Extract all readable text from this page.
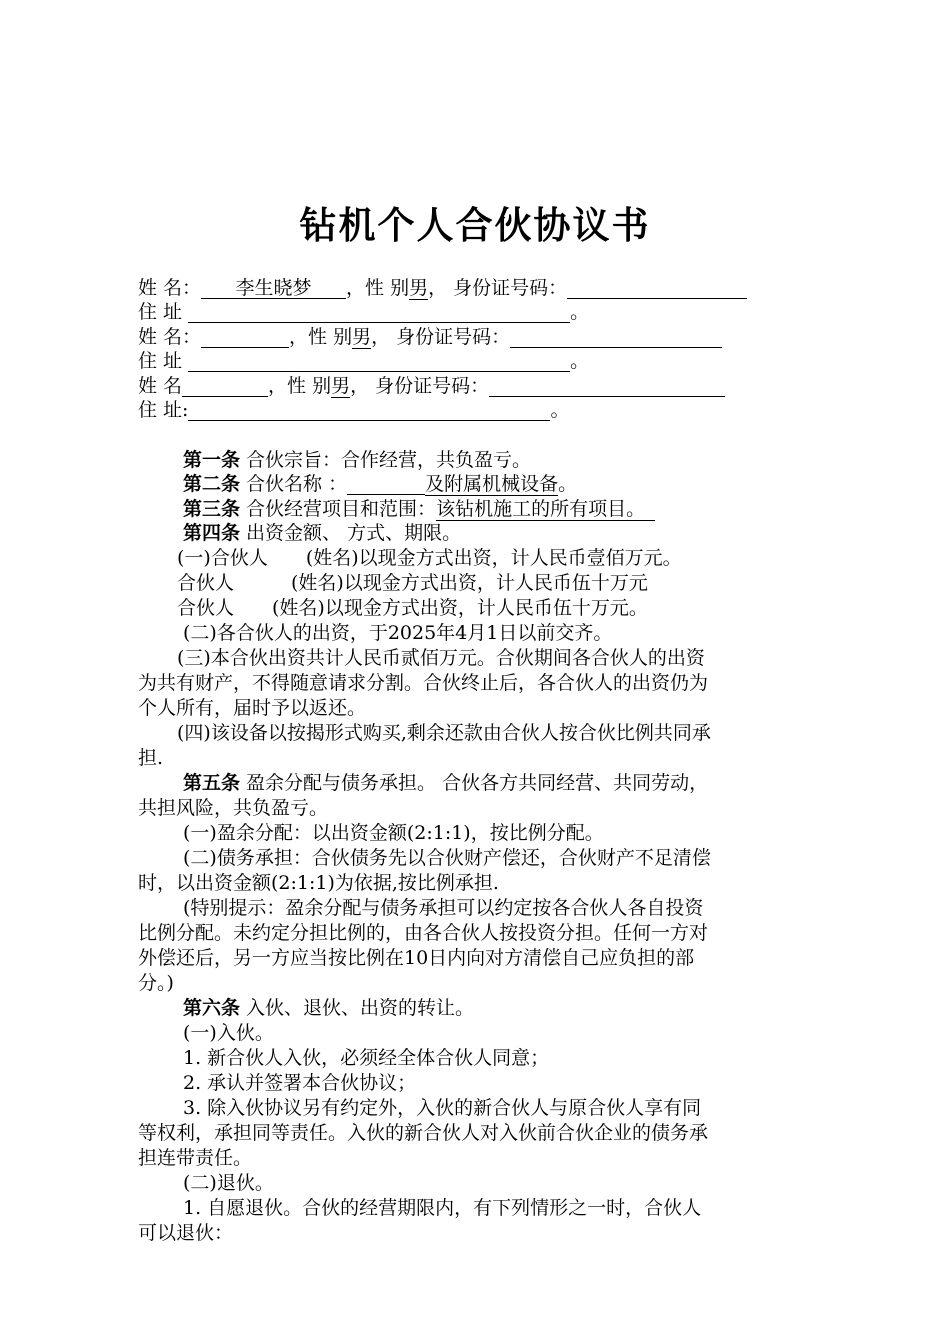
钻机个人合伙协议书
姓 名： 李生晓梦 ，性 别男， 身份证号码：
住 址	。
姓 名：	，性 别男， 身份证号码：
住 址	。
姓 名	，性 别男， 身份证号码：
住 址:	。
第一条 合伙宗旨：合作经营，共负盈亏。
第二条 合伙名称 ：	及附属机械设备。
第三条 合伙经营项目和范围：该钻机施工的所有项目。
第四条 出资金额、 方式、期限。
(一)合伙人　　(姓名)以现金方式出资，计人民币壹佰万元。
合伙人　　　(姓名)以现金方式出资，计人民币伍十万元
合伙人　　(姓名)以现金方式出资，计人民币伍十万元。
(二)各合伙人的出资，于2025年4月1日以前交齐。
(三)本合伙出资共计人民币贰佰万元。合伙期间各合伙人的出资
为共有财产，不得随意请求分割。合伙终止后，各合伙人的出资仍为
个人所有，届时予以返还。
(四)该设备以按揭形式购买,剩余还款由合伙人按合伙比例共同承
担.
第五条 盈余分配与债务承担。 合伙各方共同经营、共同劳动，
共担风险，共负盈亏。
(一)盈余分配：以出资金额(2:1:1)，按比例分配。
(二)债务承担：合伙债务先以合伙财产偿还，合伙财产不足清偿
时，以出资金额(2:1:1)为依据,按比例承担.
(特别提示：盈余分配与债务承担可以约定按各合伙人各自投资
比例分配。未约定分担比例的，由各合伙人按投资分担。任何一方对
外偿还后，另一方应当按比例在10日内向对方清偿自己应负担的部
分。)
第六条 入伙、退伙、出资的转让。
(一)入伙。
1. 新合伙人入伙，必须经全体合伙人同意；
2. 承认并签署本合伙协议；
3. 除入伙协议另有约定外，入伙的新合伙人与原合伙人享有同
等权利，承担同等责任。入伙的新合伙人对入伙前合伙企业的债务承
担连带责任。
(二)退伙。
1. 自愿退伙。合伙的经营期限内，有下列情形之一时，合伙人
可以退伙：
